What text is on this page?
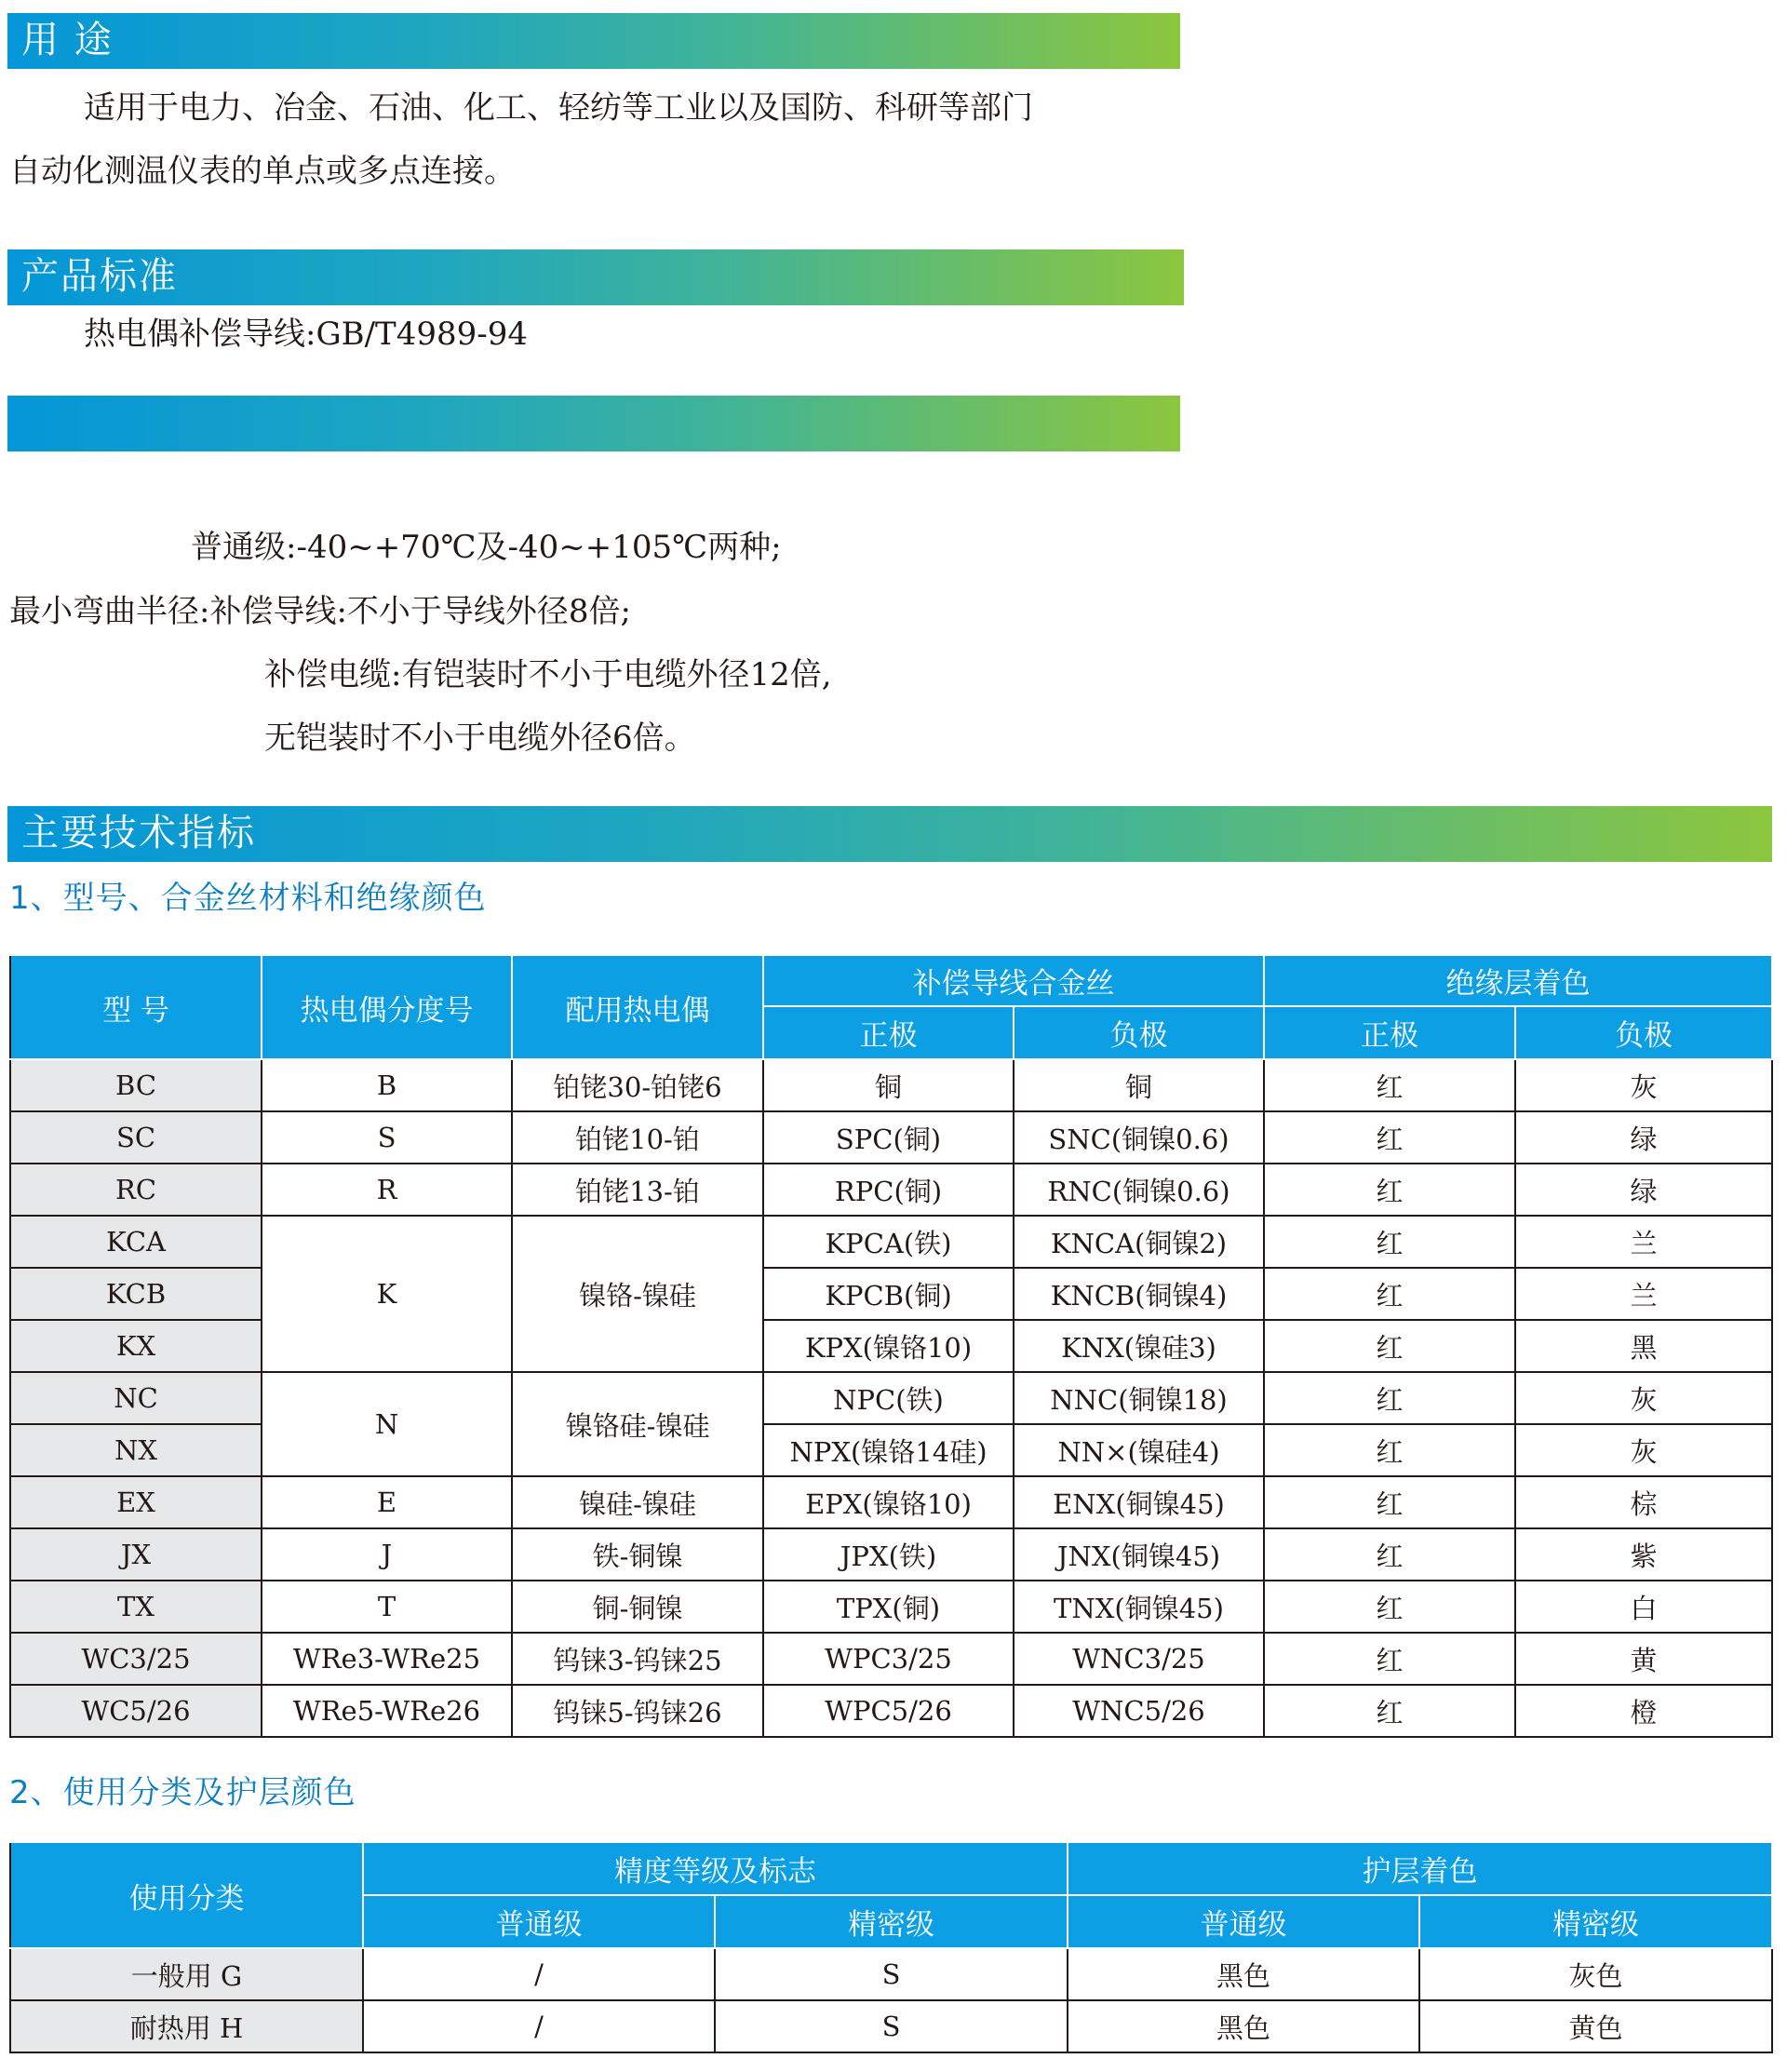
用 途
适用于电力、冶金、石油、化工、轻纺等工业以及国防、科研等部门
自动化测温仪表的单点或多点连接。
产品标准
热电偶补偿导线:GB/T4989-94
普通级:-40~+70℃及-40~+105℃两种;
最小弯曲半径:补偿导线:不小于导线外径8倍;
补偿电缆:有铠装时不小于电缆外径12倍,
无铠装时不小于电缆外径6倍。
主要技术指标
1、型号、合金丝材料和绝缘颜色
型 号	热电偶分度号	配用热电偶	补偿导线合金丝		绝缘层着色	
			正极	负极	正极	负极
BC	B	铂铑30-铂铑6	铜	铜	红	灰
SC	S	铂铑10-铂	SPC(铜)	SNC(铜镍0.6)	红	绿
RC	R	铂铑13-铂	RPC(铜)	RNC(铜镍0.6)	红	绿
KCA	K	镍铬-镍硅	KPCA(铁)	KNCA(铜镍2)	红	兰
KCB			KPCB(铜)	KNCB(铜镍4)	红	兰
KX			KPX(镍铬10)	KNX(镍硅3)	红	黑
NC	N	镍铬硅-镍硅	NPC(铁)	NNC(铜镍18)	红	灰
NX			NPX(镍铬14硅)	NN×(镍硅4)	红	灰
EX	E	镍硅-镍硅	EPX(镍铬10)	ENX(铜镍45)	红	棕
JX	J	铁-铜镍	JPX(铁)	JNX(铜镍45)	红	紫
TX	T	铜-铜镍	TPX(铜)	TNX(铜镍45)	红	白
WC3/25	WRe3-WRe25	钨铼3-钨铼25	WPC3/25	WNC3/25	红	黄
WC5/26	WRe5-WRe26	钨铼5-钨铼26	WPC5/26	WNC5/26	红	橙
2、使用分类及护层颜色
使用分类	精度等级及标志		护层着色	
	普通级	精密级	普通级	精密级
一般用 G	/	S	黑色	灰色
耐热用 H	/	S	黑色	黄色
